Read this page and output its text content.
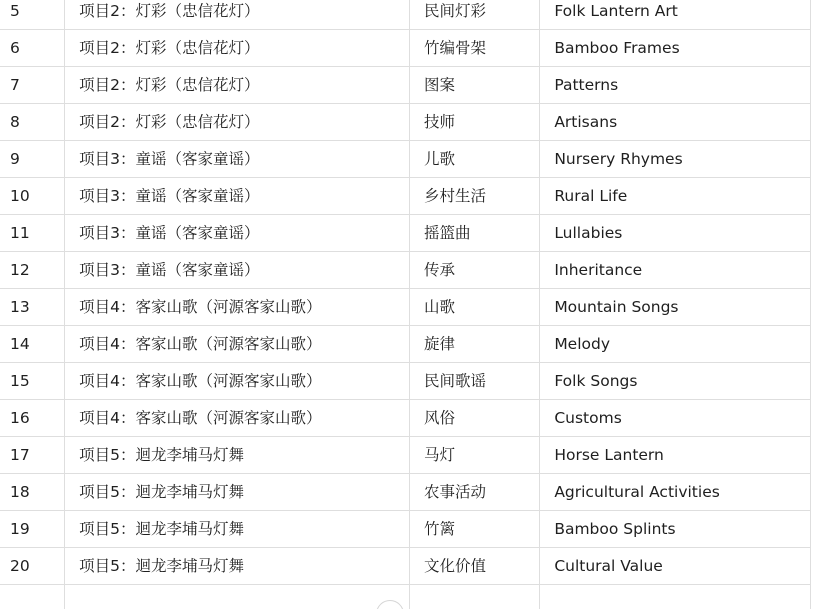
5	项目2：灯彩（忠信花灯）	民间灯彩	Folk Lantern Art
6	项目2：灯彩（忠信花灯）	竹编骨架	Bamboo Frames
7	项目2：灯彩（忠信花灯）	图案	Patterns
8	项目2：灯彩（忠信花灯）	技师	Artisans
9	项目3：童谣（客家童谣）	儿歌	Nursery Rhymes
10	项目3：童谣（客家童谣）	乡村生活	Rural Life
11	项目3：童谣（客家童谣）	摇篮曲	Lullabies
12	项目3：童谣（客家童谣）	传承	Inheritance
13	项目4：客家山歌（河源客家山歌）	山歌	Mountain Songs
14	项目4：客家山歌（河源客家山歌）	旋律	Melody
15	项目4：客家山歌（河源客家山歌）	民间歌谣	Folk Songs
16	项目4：客家山歌（河源客家山歌）	风俗	Customs
17	项目5：迴龙李埔马灯舞	马灯	Horse Lantern
18	项目5：迴龙李埔马灯舞	农事活动	Agricultural Activities
19	项目5：迴龙李埔马灯舞	竹篱	Bamboo Splints
20	项目5：迴龙李埔马灯舞	文化价值	Cultural Value
